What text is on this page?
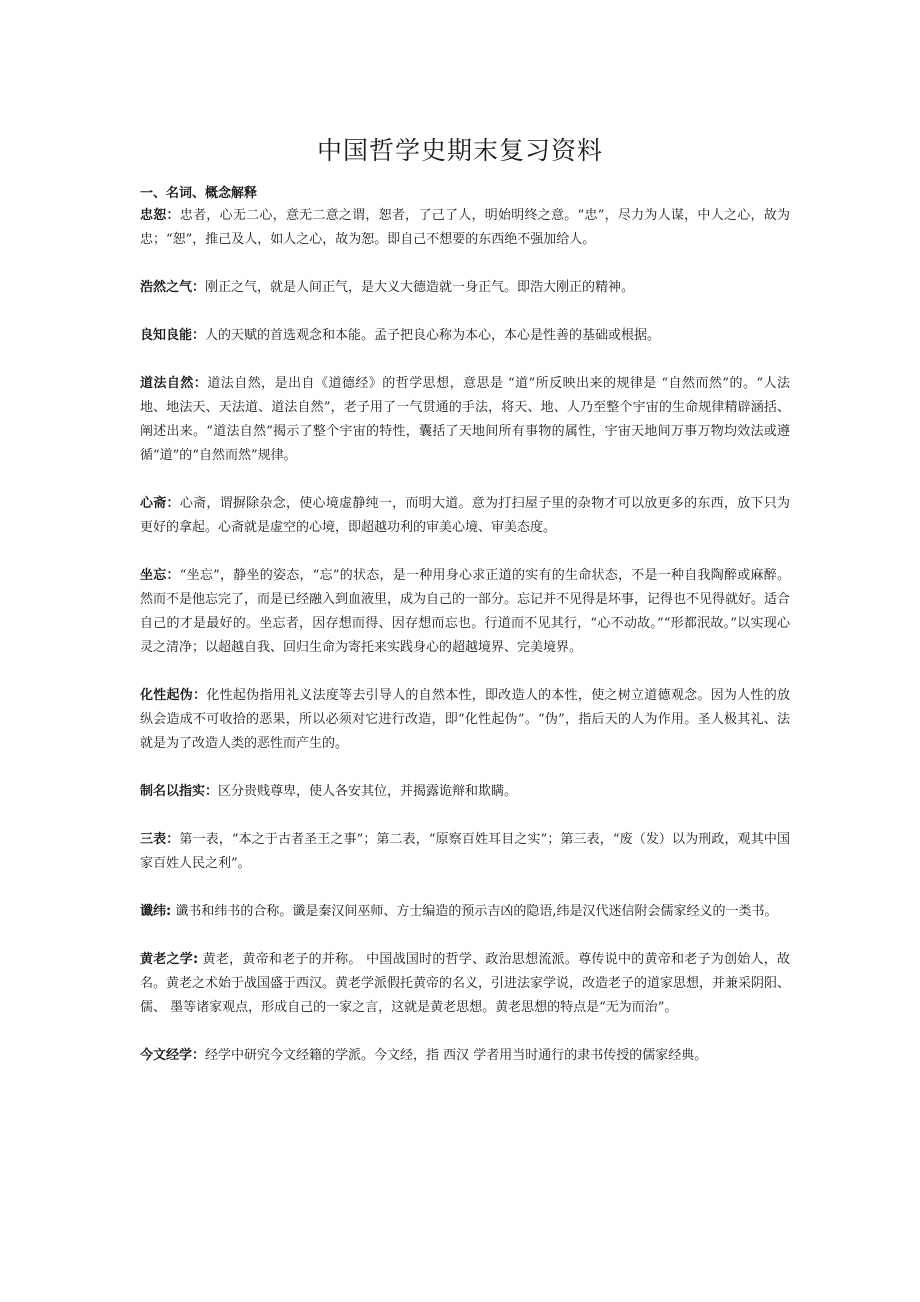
中国哲学史期末复习资料

一、名词、概念解释

忠恕：忠者，心无二心，意无二意之谓，恕者，了己了人，明始明终之意。“忠”，尽力为人谋，中人之心，故为忠；“恕”，推己及人，如人之心，故为恕。即自己不想要的东西绝不强加给人。

浩然之气：刚正之气，就是人间正气，是大义大德造就一身正气。即浩大刚正的精神。

良知良能：人的天赋的首选观念和本能。孟子把良心称为本心，本心是性善的基础或根据。

道法自然：道法自然，是出自《道德经》的哲学思想，意思是 “道”所反映出来的规律是 “自然而然”的。“人法地、地法天、天法道、道法自然”，老子用了一气贯通的手法，将天、地、人乃至整个宇宙的生命规律精辟涵括、阐述出来。“道法自然”揭示了整个宇宙的特性，囊括了天地间所有事物的属性，宇宙天地间万事万物均效法或遵循“道”的“自然而然”规律。

心斋：心斋，谓摒除杂念，使心境虚静纯一，而明大道。意为打扫屋子里的杂物才可以放更多的东西，放下只为更好的拿起。心斋就是虚空的心境，即超越功利的审美心境、审美态度。

坐忘：“坐忘”，静坐的姿态，“忘”的状态，是一种用身心求正道的实有的生命状态，不是一种自我陶醉或麻醉。然而不是他忘完了，而是已经融入到血液里，成为自己的一部分。忘记并不见得是坏事，记得也不见得就好。适合自己的才是最好的。坐忘者，因存想而得、因存想而忘也。行道而不见其行，“心不动故。”“形都泯故。”以实现心灵之清净；以超越自我、回归生命为寄托来实践身心的超越境界、完美境界。

化性起伪：化性起伪指用礼义法度等去引导人的自然本性，即改造人的本性，使之树立道德观念。因为人性的放纵会造成不可收拾的恶果，所以必须对它进行改造，即“化性起伪”。“伪”，指后天的人为作用。圣人极其礼、法就是为了改造人类的恶性而产生的。

制名以指实：区分贵贱尊卑，使人各安其位，并揭露诡辩和欺瞒。

三表：第一表，“本之于古者圣王之事”；第二表，“原察百姓耳目之实”；第三表，“废（发）以为刑政，观其中国家百姓人民之利”。

谶纬: 谶书和纬书的合称。谶是秦汉间巫师、方士编造的预示吉凶的隐语,纬是汉代迷信附会儒家经义的一类书。

黄老之学: 黄老，黄帝和老子的并称。 中国战国时的哲学、政治思想流派。尊传说中的黄帝和老子为创始人，故名。黄老之术始于战国盛于西汉。黄老学派假托黄帝的名义，引进法家学说，改造老子的道家思想，并兼采阴阳、儒、 墨等诸家观点，形成自己的一家之言，这就是黄老思想。黄老思想的特点是“无为而治”。

今文经学：经学中研究今文经籍的学派。今文经，指 西汉 学者用当时通行的隶书传授的儒家经典。
